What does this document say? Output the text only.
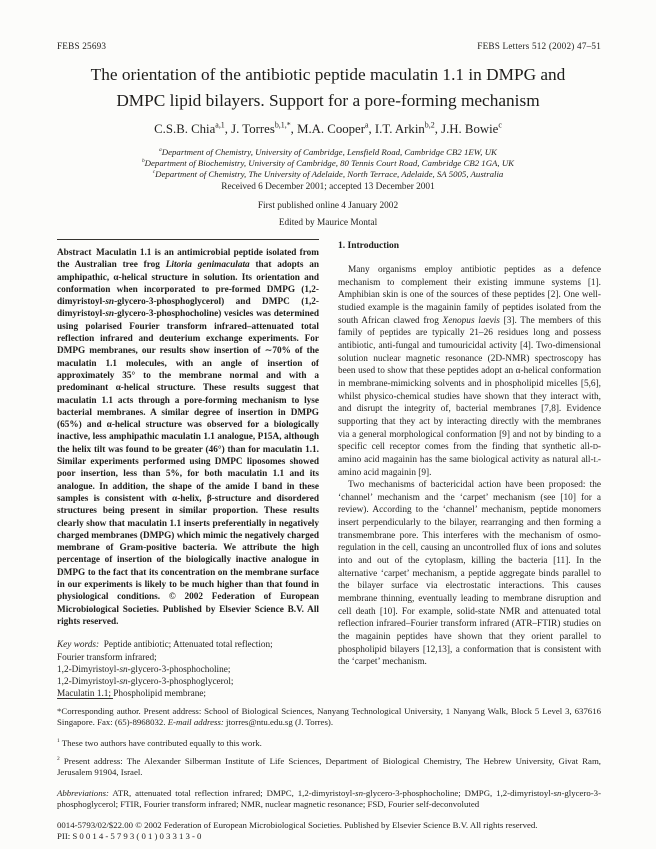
FEBS 25693	FEBS Letters 512 (2002) 47–51
The orientation of the antibiotic peptide maculatin 1.1 in DMPG and
DMPC lipid bilayers. Support for a pore-forming mechanism
C.S.B. Chia$^{a,1}$, J. Torres$^{b,1,*}$, M.A. Cooper$^a$, I.T. Arkin$^{b,2}$, J.H. Bowie$^c$
$^a$Department of Chemistry, University of Cambridge, Lensfield Road, Cambridge CB2 1EW, UK
$^b$Department of Biochemistry, University of Cambridge, 80 Tennis Court Road, Cambridge CB2 1GA, UK
$^c$Department of Chemistry, The University of Adelaide, North Terrace, Adelaide, SA 5005, Australia
Received 6 December 2001; accepted 13 December 2001
First published online 4 January 2002
Edited by Maurice Montal

Abstract Maculatin 1.1 is an antimicrobial peptide isolated from the Australian tree frog Litoria genimaculata that adopts an amphipathic, α-helical structure in solution. Its orientation and conformation when incorporated to pre-formed DMPG (1,2-dimyristoyl-sn-glycero-3-phosphoglycerol) and DMPC (1,2-dimyristoyl-sn-glycero-3-phosphocholine) vesicles was determined using polarised Fourier transform infrared–attenuated total reflection infrared and deuterium exchange experiments. For DMPG membranes, our results show insertion of ∼70% of the maculatin 1.1 molecules, with an angle of insertion of approximately 35° to the membrane normal and with a predominant α-helical structure. These results suggest that maculatin 1.1 acts through a pore-forming mechanism to lyse bacterial membranes. A similar degree of insertion in DMPG (65%) and α-helical structure was observed for a biologically inactive, less amphipathic maculatin 1.1 analogue, P15A, although the helix tilt was found to be greater (46°) than for maculatin 1.1. Similar experiments performed using DMPC liposomes showed poor insertion, less than 5%, for both maculatin 1.1 and its analogue. In addition, the shape of the amide I band in these samples is consistent with α-helix, β-structure and disordered structures being present in similar proportion. These results clearly show that maculatin 1.1 inserts preferentially in negatively charged membranes (DMPG) which mimic the negatively charged membrane of Gram-positive bacteria. We attribute the high percentage of insertion of the biologically inactive analogue in DMPG to the fact that its concentration on the membrane surface in our experiments is likely to be much higher than that found in physiological conditions. © 2002 Federation of European Microbiological Societies. Published by Elsevier Science B.V. All rights reserved.

Key words: Peptide antibiotic; Attenuated total reflection;
Fourier transform infrared;
1,2-Dimyristoyl-sn-glycero-3-phosphocholine;
1,2-Dimyristoyl-sn-glycero-3-phosphoglycerol;
Maculatin 1.1; Phospholipid membrane;

1. Introduction

Many organisms employ antibiotic peptides as a defence mechanism to complement their existing immune systems [1]. Amphibian skin is one of the sources of these peptides [2]. One well-studied example is the magainin family of peptides isolated from the south African clawed frog Xenopus laevis [3]. The members of this family of peptides are typically 21–26 residues long and possess antibiotic, anti-fungal and tumouricidal activity [4]. Two-dimensional solution nuclear magnetic resonance (2D-NMR) spectroscopy has been used to show that these peptides adopt an α-helical conformation in membrane-mimicking solvents and in phospholipid micelles [5,6], whilst physico-chemical studies have shown that they interact with, and disrupt the integrity of, bacterial membranes [7,8]. Evidence supporting that they act by interacting directly with the membranes via a general morphological conformation [9] and not by binding to a specific cell receptor comes from the finding that synthetic all-d-amino acid magainin has the same biological activity as natural all-l-amino acid magainin [9].

Two mechanisms of bactericidal action have been proposed: the ‘channel’ mechanism and the ‘carpet’ mechanism (see [10] for a review). According to the ‘channel’ mechanism, peptide monomers insert perpendicularly to the bilayer, rearranging and then forming a transmembrane pore. This interferes with the mechanism of osmo-regulation in the cell, causing an uncontrolled flux of ions and solutes into and out of the cytoplasm, killing the bacteria [11]. In the alternative ‘carpet’ mechanism, a peptide aggregate binds parallel to the bilayer surface via electrostatic interactions. This causes membrane thinning, eventually leading to membrane disruption and cell death [10]. For example, solid-state NMR and attenuated total reflection infrared–Fourier transform infrared (ATR–FTIR) studies on the magainin peptides have shown that they orient parallel to phospholipid bilayers [12,13], a conformation that is consistent with the ‘carpet’ mechanism.

*Corresponding author. Present address: School of Biological Sciences, Nanyang Technological University, 1 Nanyang Walk, Block 5 Level 3, 637616 Singapore. Fax: (65)-8968032. E-mail address: jtorres@ntu.edu.sg (J. Torres).

$^1$ These two authors have contributed equally to this work.

$^2$ Present address: The Alexander Silberman Institute of Life Sciences, Department of Biological Chemistry, The Hebrew University, Givat Ram, Jerusalem 91904, Israel.

Abbreviations: ATR, attenuated total reflection infrared; DMPC, 1,2-dimyristoyl-sn-glycero-3-phosphocholine; DMPG, 1,2-dimyristoyl-sn-glycero-3-phosphoglycerol; FTIR, Fourier transform infrared; NMR, nuclear magnetic resonance; FSD, Fourier self-deconvoluted

0014-5793/02/$22.00 © 2002 Federation of European Microbiological Societies. Published by Elsevier Science B.V. All rights reserved.
PII: S0014-5793(01)03313-0
